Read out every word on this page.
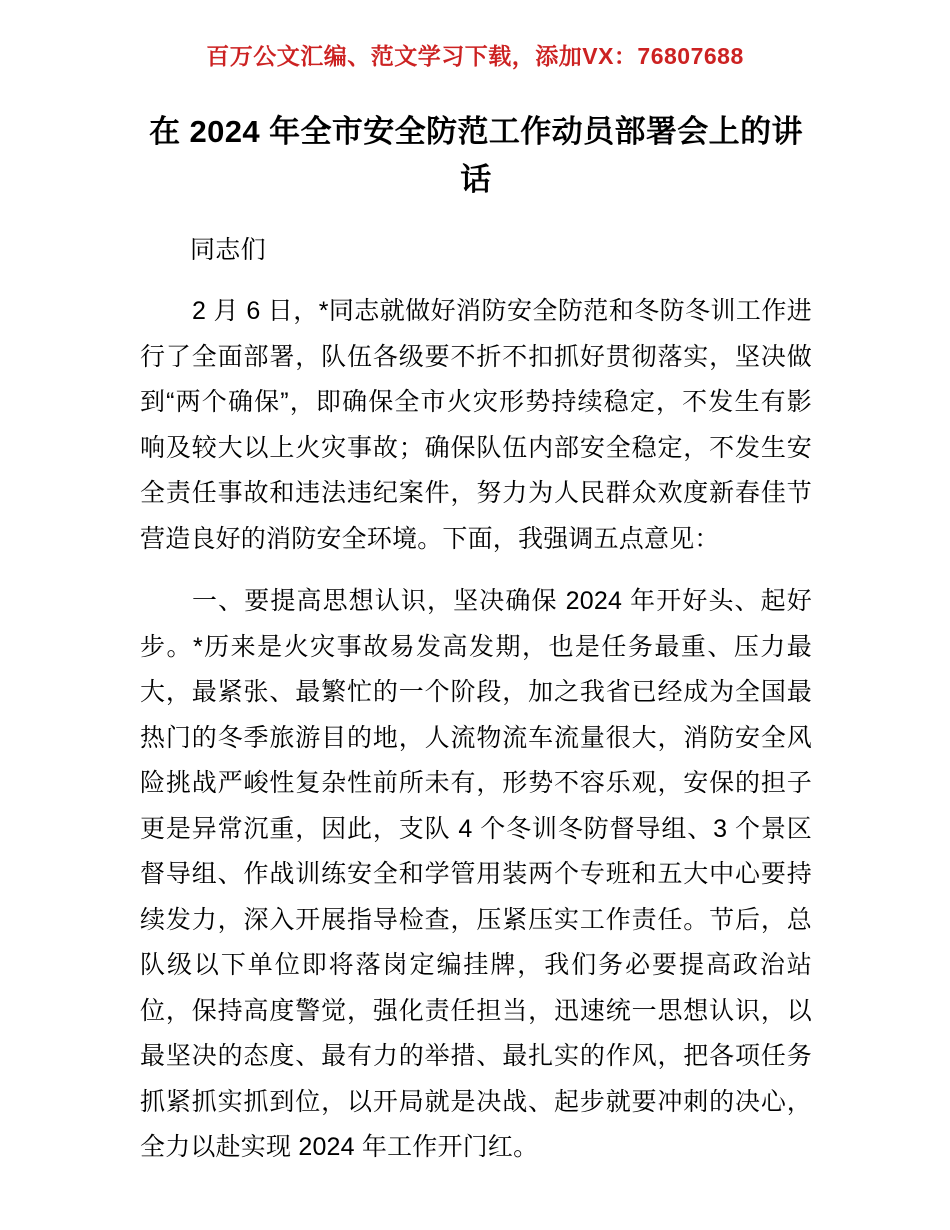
百万公文汇编、范文学习下载，添加VX：76807688
在 2024 年全市安全防范工作动员部署会上的讲话

同志们

2 月 6 日，*同志就做好消防安全防范和冬防冬训工作进行了全面部署，队伍各级要不折不扣抓好贯彻落实，坚决做到“两个确保”，即确保全市火灾形势持续稳定，不发生有影响及较大以上火灾事故；确保队伍内部安全稳定，不发生安全责任事故和违法违纪案件，努力为人民群众欢度新春佳节营造良好的消防安全环境。下面，我强调五点意见：

一、要提高思想认识，坚决确保 2024 年开好头、起好步。*历来是火灾事故易发高发期，也是任务最重、压力最大，最紧张、最繁忙的一个阶段，加之我省已经成为全国最热门的冬季旅游目的地，人流物流车流量很大，消防安全风险挑战严峻性复杂性前所未有，形势不容乐观，安保的担子更是异常沉重，因此，支队 4 个冬训冬防督导组、3 个景区督导组、作战训练安全和学管用装两个专班和五大中心要持续发力，深入开展指导检查，压紧压实工作责任。节后，总队级以下单位即将落岗定编挂牌，我们务必要提高政治站位，保持高度警觉，强化责任担当，迅速统一思想认识，以最坚决的态度、最有力的举措、最扎实的作风，把各项任务抓紧抓实抓到位，以开局就是决战、起步就要冲刺的决心，全力以赴实现 2024 年工作开门红。
